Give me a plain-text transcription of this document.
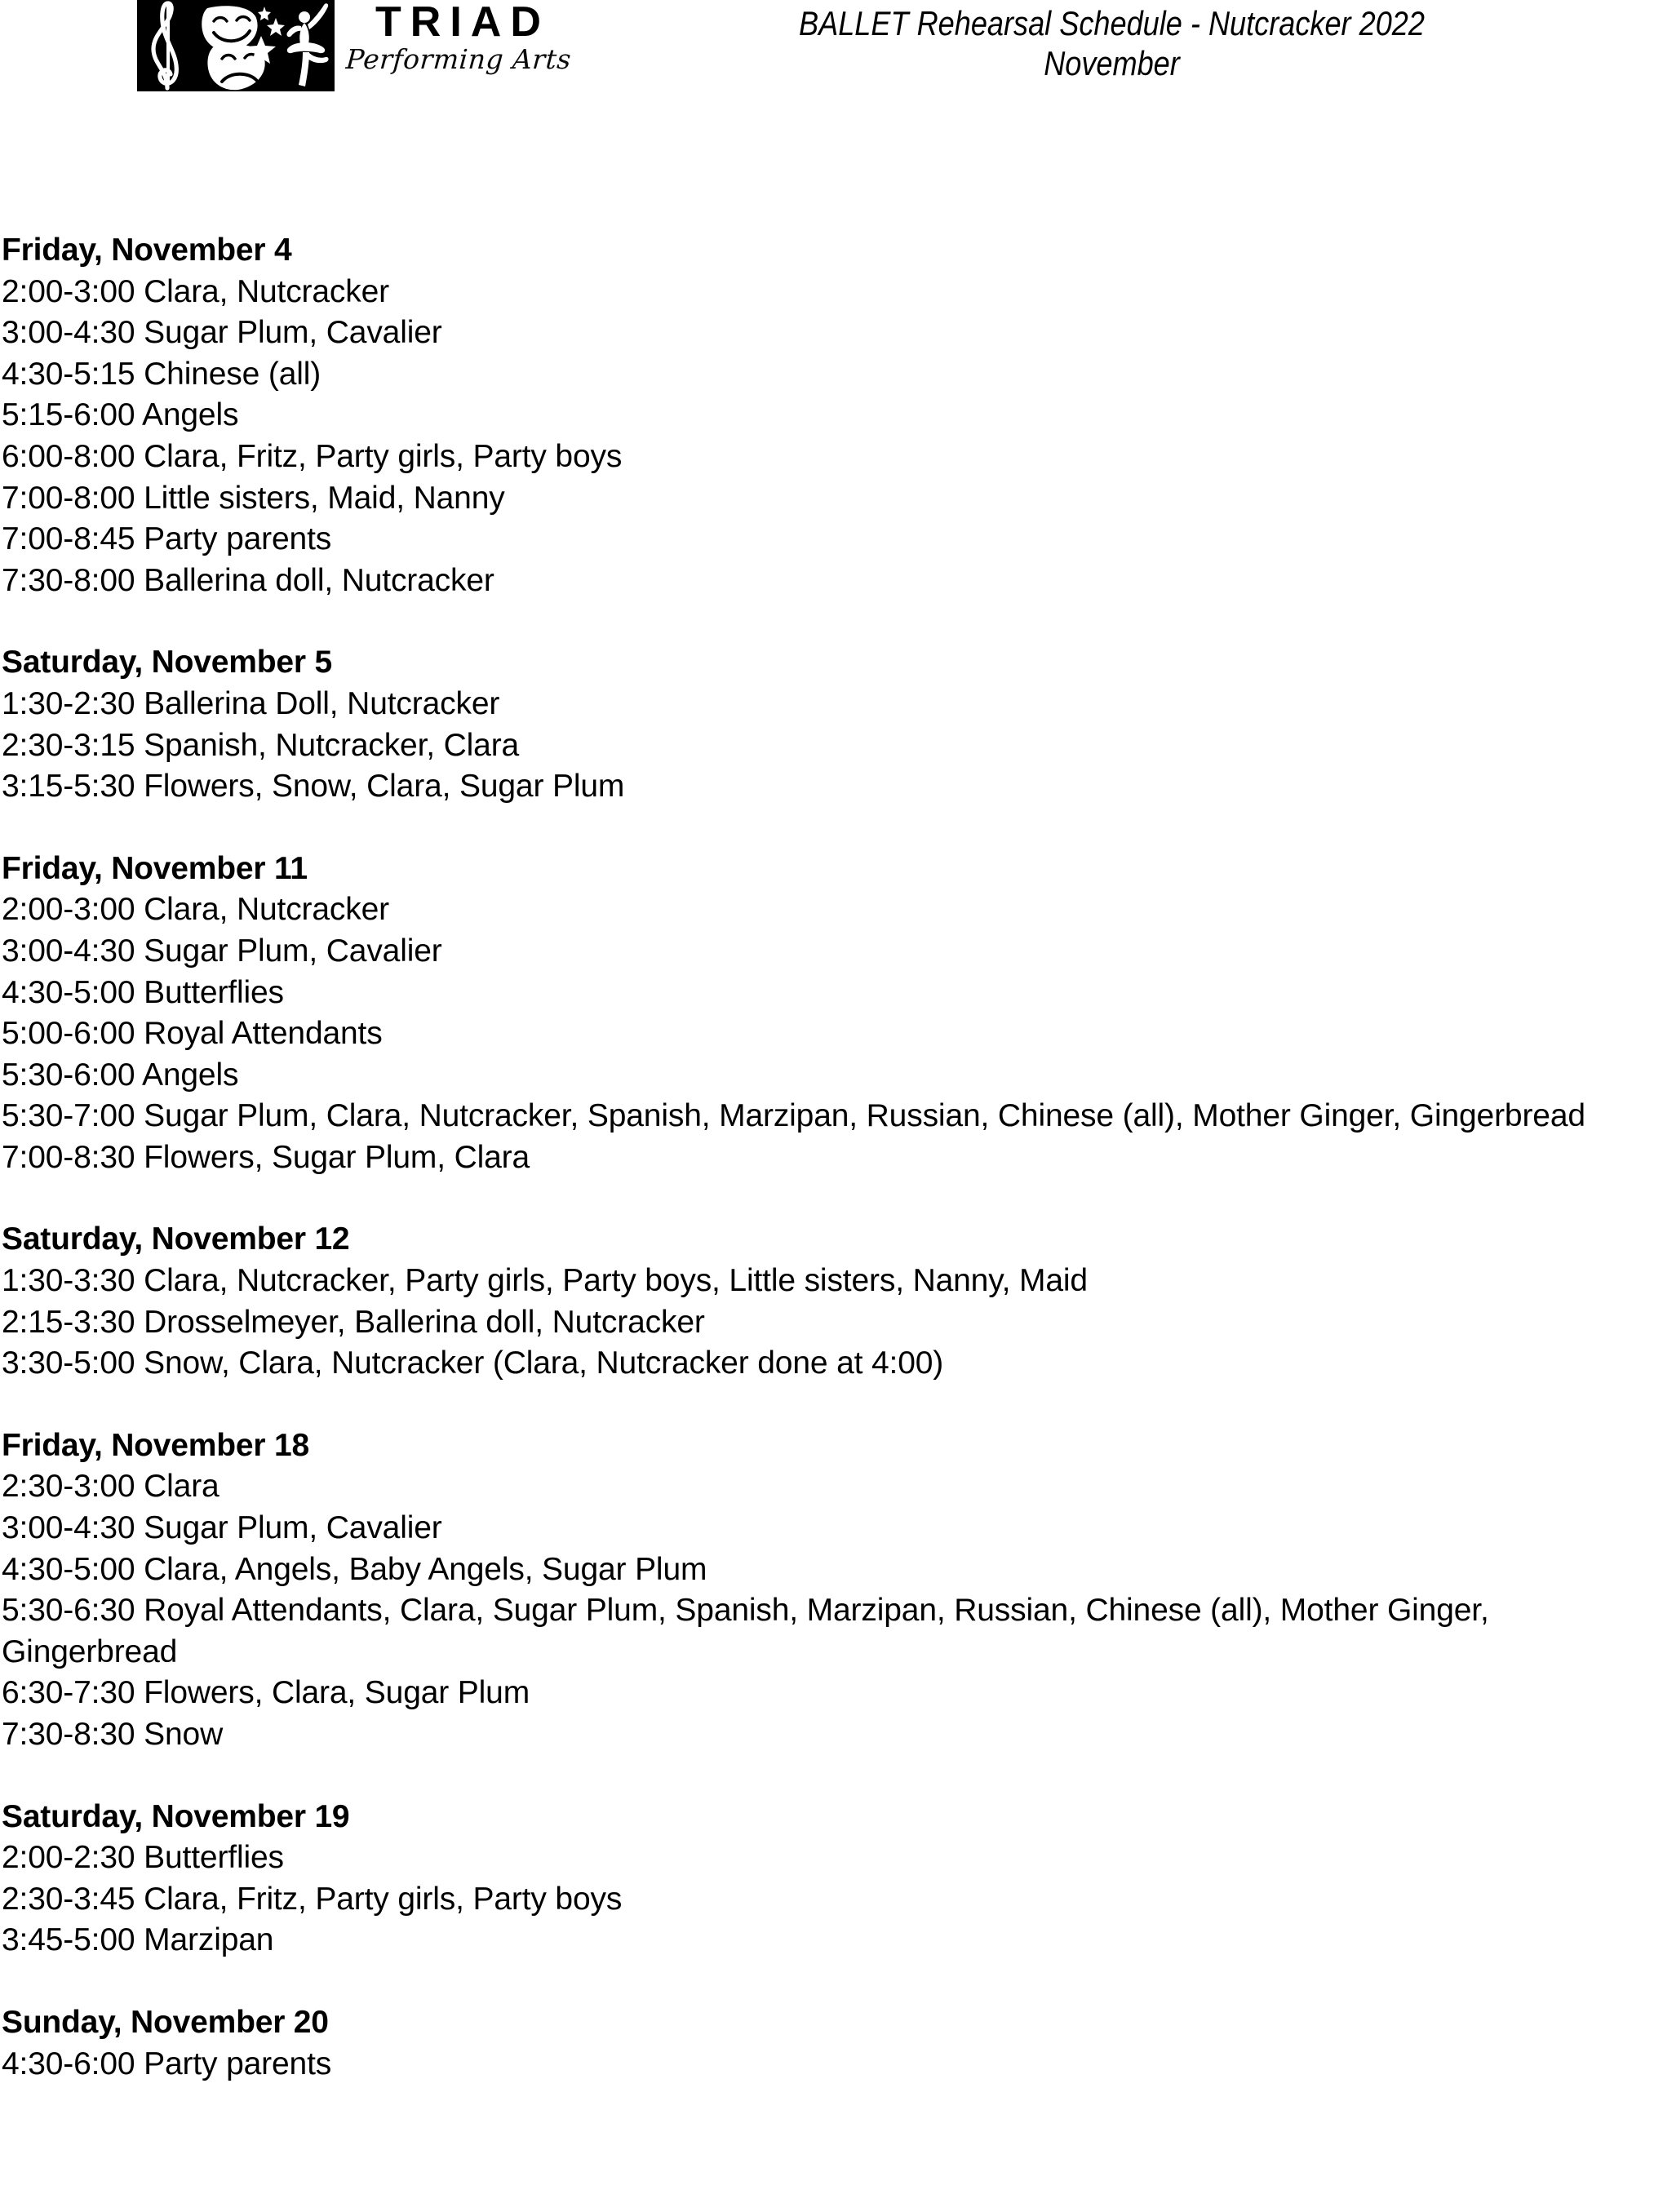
TRIAD
Performing Arts
BALLET Rehearsal Schedule - Nutcracker 2022
November
Friday, November 4
2:00-3:00 Clara, Nutcracker
3:00-4:30 Sugar Plum, Cavalier
4:30-5:15 Chinese (all)
5:15-6:00 Angels
6:00-8:00 Clara, Fritz, Party girls, Party boys
7:00-8:00 Little sisters, Maid, Nanny
7:00-8:45 Party parents
7:30-8:00 Ballerina doll, Nutcracker
Saturday, November 5
1:30-2:30 Ballerina Doll, Nutcracker
2:30-3:15 Spanish, Nutcracker, Clara
3:15-5:30 Flowers, Snow, Clara, Sugar Plum
Friday, November 11
2:00-3:00 Clara, Nutcracker
3:00-4:30 Sugar Plum, Cavalier
4:30-5:00 Butterflies
5:00-6:00 Royal Attendants
5:30-6:00 Angels
5:30-7:00 Sugar Plum, Clara, Nutcracker, Spanish, Marzipan, Russian, Chinese (all), Mother Ginger, Gingerbread
7:00-8:30 Flowers, Sugar Plum, Clara
Saturday, November 12
1:30-3:30 Clara, Nutcracker, Party girls, Party boys, Little sisters, Nanny, Maid
2:15-3:30 Drosselmeyer, Ballerina doll, Nutcracker
3:30-5:00 Snow, Clara, Nutcracker (Clara, Nutcracker done at 4:00)
Friday, November 18
2:30-3:00 Clara
3:00-4:30 Sugar Plum, Cavalier
4:30-5:00 Clara, Angels, Baby Angels, Sugar Plum
5:30-6:30 Royal Attendants, Clara, Sugar Plum, Spanish, Marzipan, Russian, Chinese (all), Mother Ginger, Gingerbread
6:30-7:30 Flowers, Clara, Sugar Plum
7:30-8:30 Snow
Saturday, November 19
2:00-2:30 Butterflies
2:30-3:45 Clara, Fritz, Party girls, Party boys
3:45-5:00 Marzipan
Sunday, November 20
4:30-6:00 Party parents
